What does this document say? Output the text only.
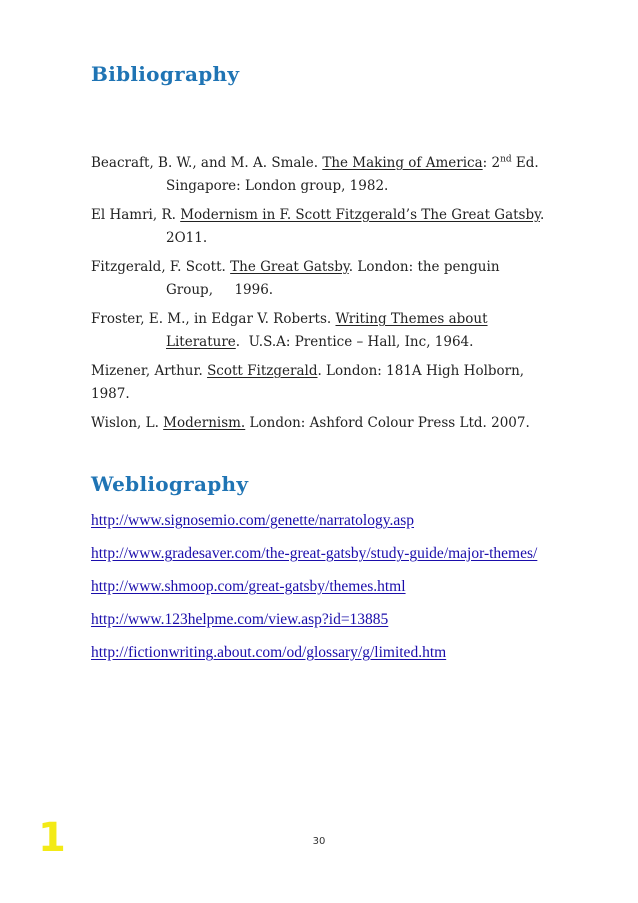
Bibliography
Beacraft, B. W., and M. A. Smale. The Making of America: 2nd Ed.
Singapore: London group, 1982.
El Hamri, R. Modernism in F. Scott Fitzgerald’s The Great Gatsby.
2O11.
Fitzgerald, F. Scott. The Great Gatsby. London: the penguin
Group,     1996.
Froster, E. M., in Edgar V. Roberts. Writing Themes about
Literature.  U.S.A: Prentice – Hall, Inc, 1964.
Mizener, Arthur. Scott Fitzgerald. London: 181A High Holborn,
1987.
Wislon, L. Modernism. London: Ashford Colour Press Ltd. 2007.
Webliography
http://www.signosemio.com/genette/narratology.asp
http://www.gradesaver.com/the-great-gatsby/study-guide/major-themes/
http://www.shmoop.com/great-gatsby/themes.html
http://www.123helpme.com/view.asp?id=13885
http://fictionwriting.about.com/od/glossary/g/limited.htm
1	30
